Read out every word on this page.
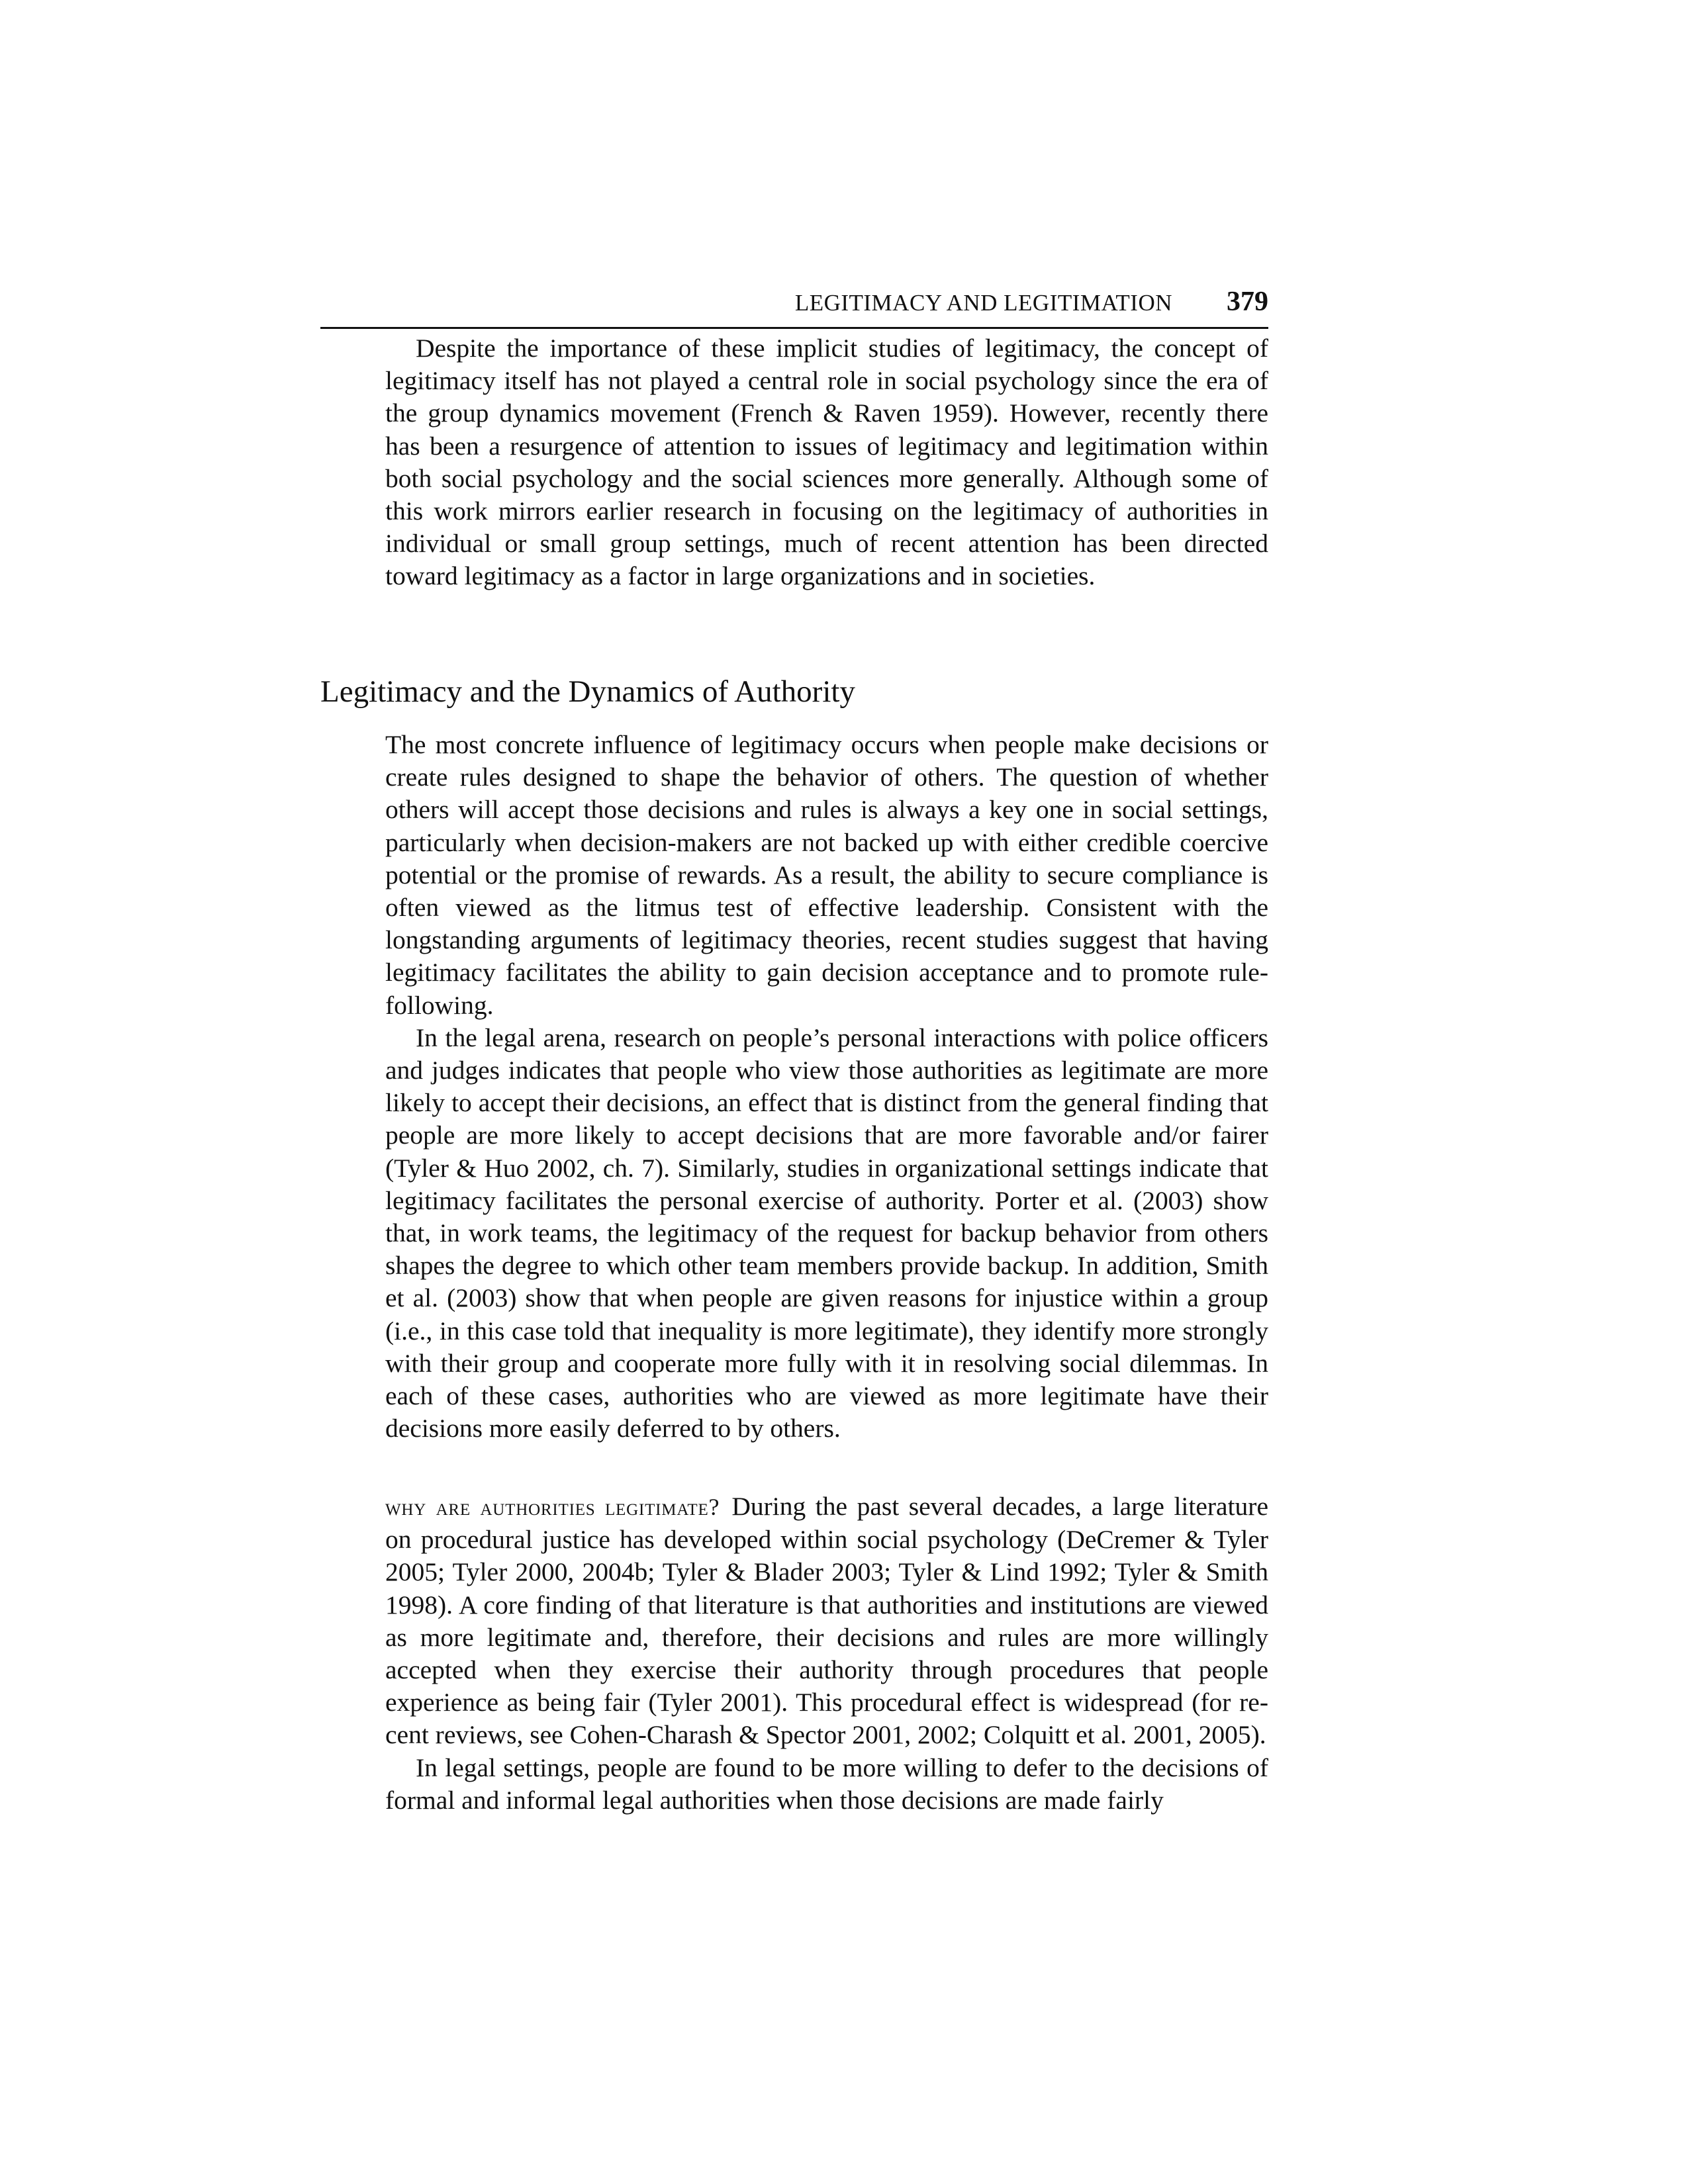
LEGITIMACY AND LEGITIMATION 379

Despite the importance of these implicit studies of legitimacy, the concept of legitimacy itself has not played a central role in social psychology since the era of the group dynamics movement (French & Raven 1959). However, recently there has been a resurgence of attention to issues of legitimacy and legitimation within both social psychology and the social sciences more generally. Although some of this work mirrors earlier research in focusing on the legitimacy of authorities in individual or small group settings, much of recent attention has been directed toward legitimacy as a factor in large organizations and in societies.

Legitimacy and the Dynamics of Authority

The most concrete influence of legitimacy occurs when people make decisions or create rules designed to shape the behavior of others. The question of whether others will accept those decisions and rules is always a key one in social settings, particularly when decision-makers are not backed up with either credible coercive potential or the promise of rewards. As a result, the ability to secure compliance is often viewed as the litmus test of effective leadership. Consistent with the longstanding arguments of legitimacy theories, recent studies suggest that having legitimacy facilitates the ability to gain decision acceptance and to promote rule-following.

In the legal arena, research on people’s personal interactions with police officers and judges indicates that people who view those authorities as legitimate are more likely to accept their decisions, an effect that is distinct from the general finding that people are more likely to accept decisions that are more favorable and/or fairer (Tyler & Huo 2002, ch. 7). Similarly, studies in organizational settings indicate that legitimacy facilitates the personal exercise of authority. Porter et al. (2003) show that, in work teams, the legitimacy of the request for backup behavior from others shapes the degree to which other team members provide backup. In addition, Smith et al. (2003) show that when people are given reasons for injustice within a group (i.e., in this case told that inequality is more legitimate), they identify more strongly with their group and cooperate more fully with it in resolving social dilemmas. In each of these cases, authorities who are viewed as more legitimate have their decisions more easily deferred to by others.

why are authorities legitimate? During the past several decades, a large literature on procedural justice has developed within social psychology (DeCremer & Tyler 2005; Tyler 2000, 2004b; Tyler & Blader 2003; Tyler & Lind 1992; Tyler & Smith 1998). A core finding of that literature is that authorities and institutions are viewed as more legitimate and, therefore, their decisions and rules are more willingly accepted when they exercise their authority through procedures that people experience as being fair (Tyler 2001). This procedural effect is widespread (for recent reviews, see Cohen-Charash & Spector 2001, 2002; Colquitt et al. 2001, 2005).

In legal settings, people are found to be more willing to defer to the decisions of formal and informal legal authorities when those decisions are made fairly
